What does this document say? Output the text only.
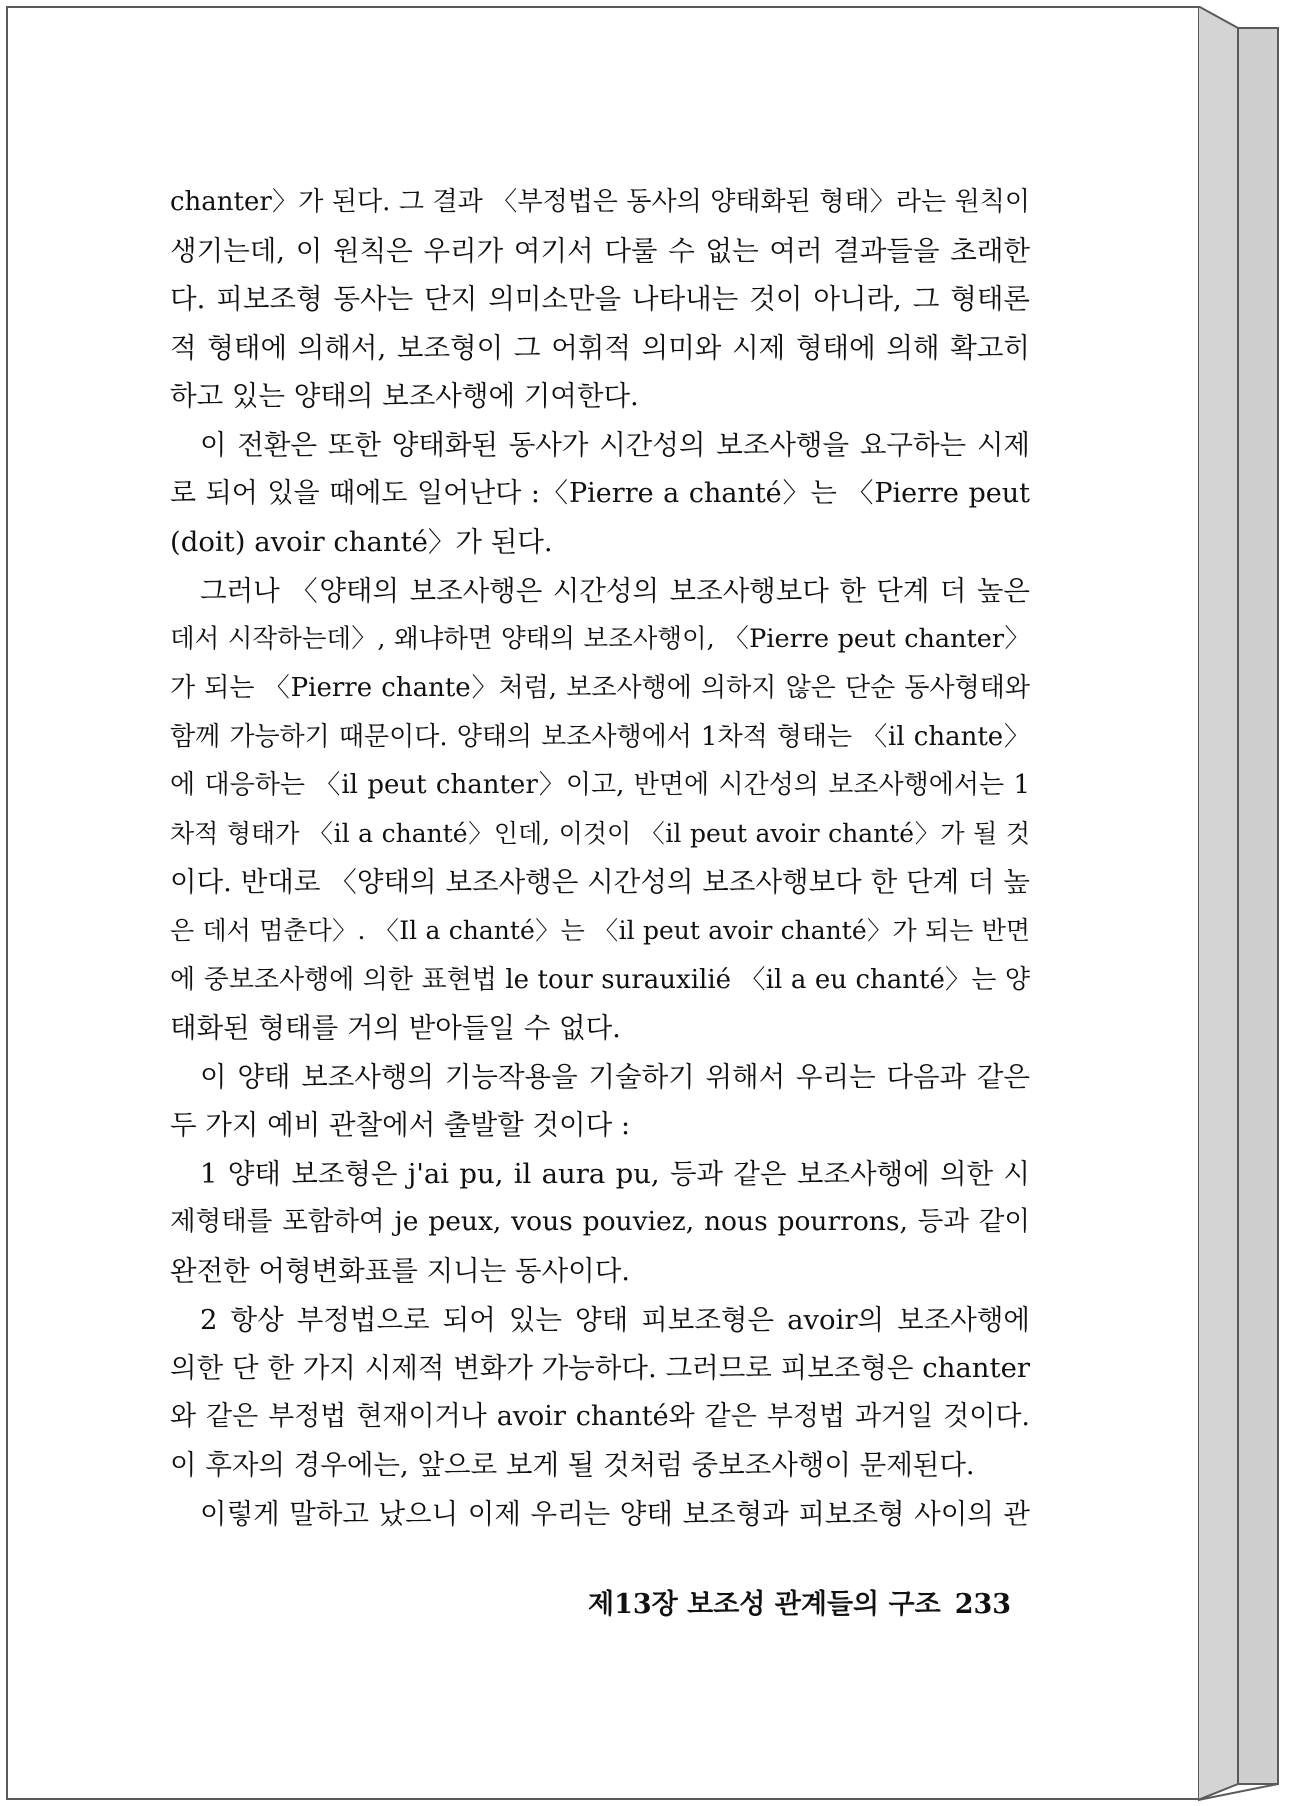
chanter〉가 된다. 그 결과 〈부정법은 동사의 양태화된 형태〉라는 원칙이
생기는데, 이 원칙은 우리가 여기서 다룰 수 없는 여러 결과들을 초래한
다. 피보조형 동사는 단지 의미소만을 나타내는 것이 아니라, 그 형태론
적 형태에 의해서, 보조형이 그 어휘적 의미와 시제 형태에 의해 확고히
하고 있는 양태의 보조사행에 기여한다.
이 전환은 또한 양태화된 동사가 시간성의 보조사행을 요구하는 시제
로 되어 있을 때에도 일어난다 :〈Pierre a chanté〉는 〈Pierre peut
(doit) avoir chanté〉가 된다.
그러나 〈양태의 보조사행은 시간성의 보조사행보다 한 단계 더 높은
데서 시작하는데〉, 왜냐하면 양태의 보조사행이, 〈Pierre peut chanter〉
가 되는 〈Pierre chante〉처럼, 보조사행에 의하지 않은 단순 동사형태와
함께 가능하기 때문이다. 양태의 보조사행에서 1차적 형태는 〈il chante〉
에 대응하는 〈il peut chanter〉이고, 반면에 시간성의 보조사행에서는 1
차적 형태가 〈il a chanté〉인데, 이것이 〈il peut avoir chanté〉가 될 것
이다. 반대로 〈양태의 보조사행은 시간성의 보조사행보다 한 단계 더 높
은 데서 멈춘다〉. 〈Il a chanté〉는 〈il peut avoir chanté〉가 되는 반면
에 중보조사행에 의한 표현법 le tour surauxilié 〈il a eu chanté〉는 양
태화된 형태를 거의 받아들일 수 없다.
이 양태 보조사행의 기능작용을 기술하기 위해서 우리는 다음과 같은
두 가지 예비 관찰에서 출발할 것이다 :
1 양태 보조형은 j'ai pu, il aura pu, 등과 같은 보조사행에 의한 시
제형태를 포함하여 je peux, vous pouviez, nous pourrons, 등과 같이
완전한 어형변화표를 지니는 동사이다.
2 항상 부정법으로 되어 있는 양태 피보조형은 avoir의 보조사행에
의한 단 한 가지 시제적 변화가 가능하다. 그러므로 피보조형은 chanter
와 같은 부정법 현재이거나 avoir chanté와 같은 부정법 과거일 것이다.
이 후자의 경우에는, 앞으로 보게 될 것처럼 중보조사행이 문제된다.
이렇게 말하고 났으니 이제 우리는 양태 보조형과 피보조형 사이의 관
제13장 보조성 관계들의 구조 233
